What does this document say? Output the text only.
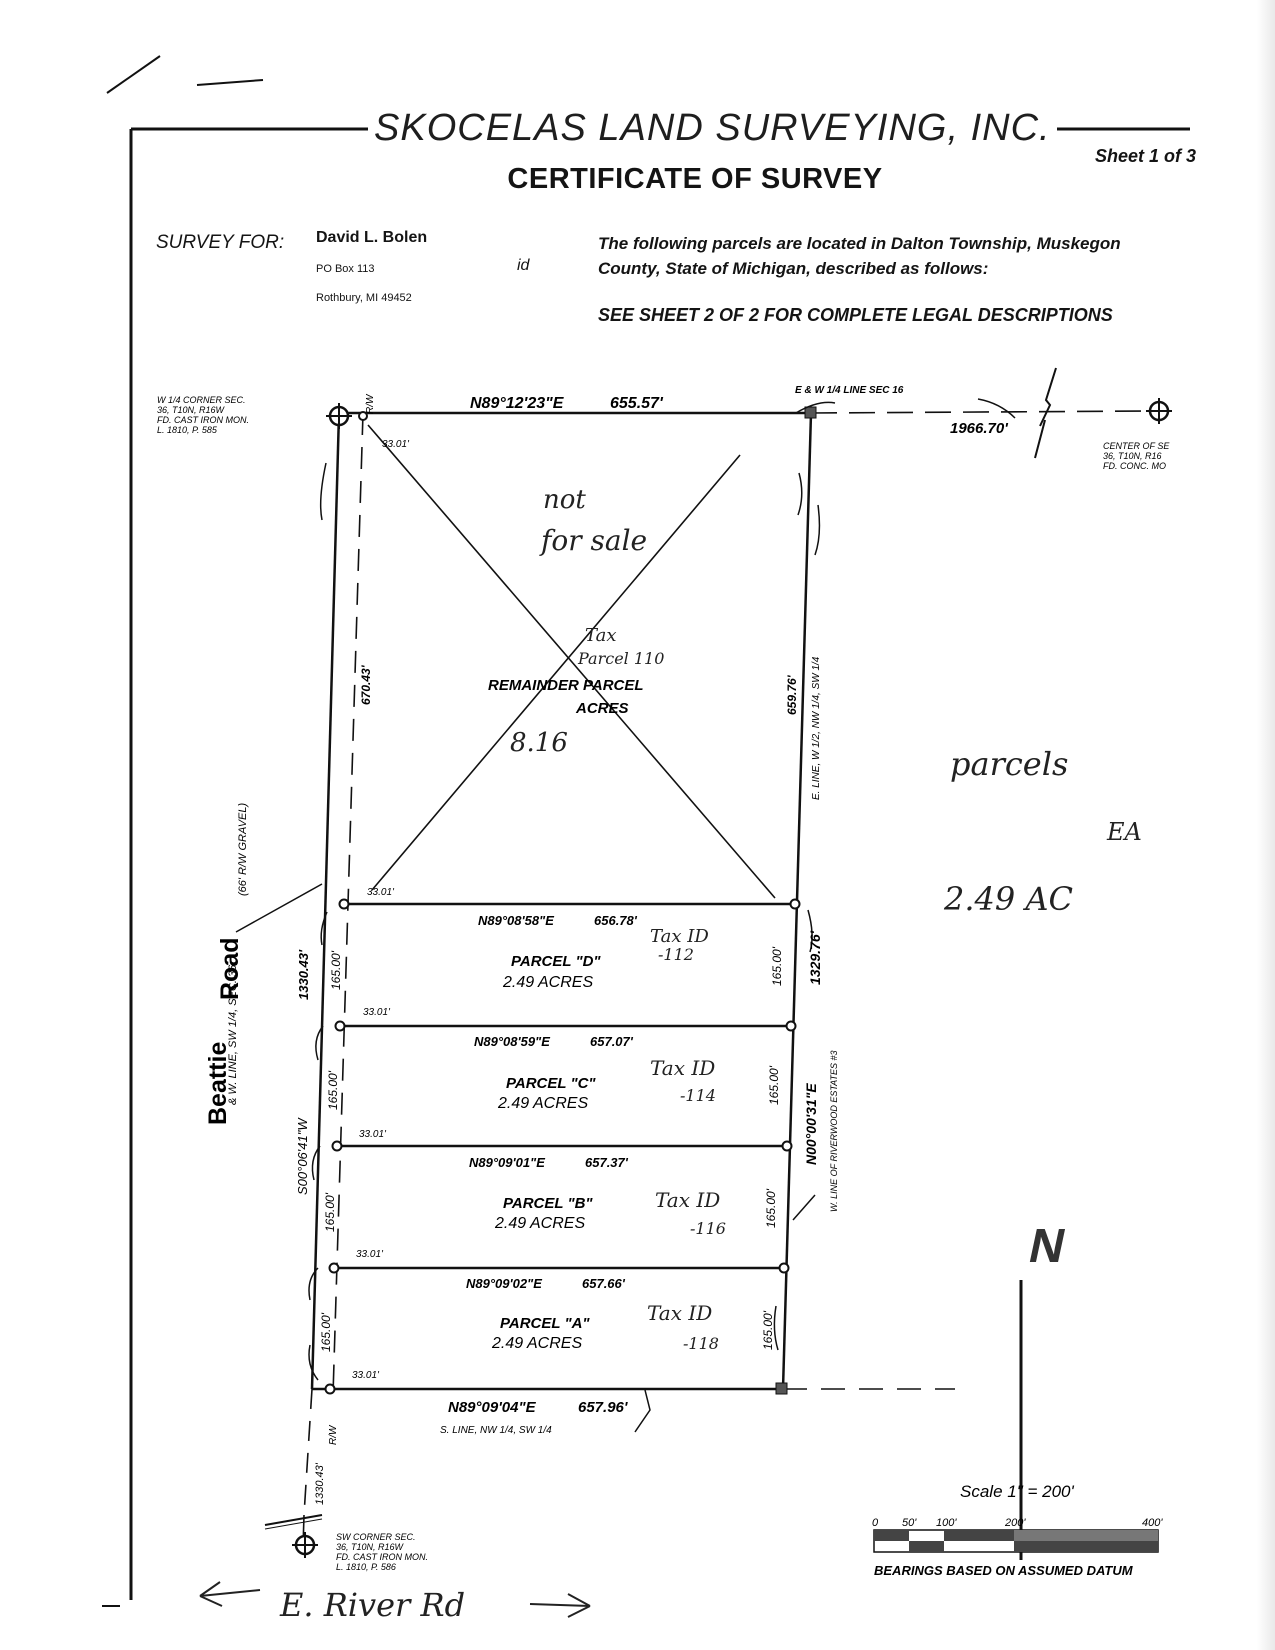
N89°12'23"E	655.57'
E & W 1/4 LINE SEC 16
1966.70'
W 1/4 CORNER SEC.
36, T10N, R16W
FD. CAST IRON MON.
L. 1810, P. 585
CENTER OF SE
36, T10N, R16
FD. CONC. MO
R/W
33.01'
33.01'
33.01'
33.01'
33.01'
33.01'
670.43'	659.76' E. LINE, W 1/2, NW 1/4, SW 1/4
REMAINDER PARCEL
ACRES
(66' R/W GRAVEL)
Beattie
& W. LINE, SW 1/4, SEC. 36
Road	1330.43'
S00°06'41"W
1330.43'
R/W
1329.76'
N00°00'31"E W. LINE OF RIVERWOOD ESTATES #3
165.00'	165.00'
165.00'	165.00'
165.00'	165.00'
165.00'	165.00'
N89°08'58"E	656.78'
N89°08'59"E	657.07'
N89°09'01"E	657.37'
N89°09'02"E	657.66'
PARCEL "D"
2.49 ACRES
PARCEL "C"
2.49 ACRES
PARCEL "B"
2.49 ACRES
PARCEL "A"
2.49 ACRES
N89°09'04"E	657.96'
S. LINE, NW 1/4, SW 1/4
SW CORNER SEC.
36, T10N, R16W
FD. CAST IRON MON.
L. 1810, P. 586
N
Scale 1" = 200'
0 50' 100'	200'	400'
BEARINGS BASED ON ASSUMED DATUM
not
for sale
Tax
Parcel 110
8.16
Tax ID
-112
Tax ID
-114
Tax ID
-116
Tax ID
-118
parcels
EA
2.49 AC
E. River Rd
SKOCELAS LAND SURVEYING, INC.
Sheet 1 of 3
CERTIFICATE OF SURVEY
SURVEY FOR: David L. Bolen
PO Box 113
Rothbury, MI 49452
id
The following parcels are located in Dalton Township, Muskegon
County, State of Michigan, described as follows:
SEE SHEET 2 OF 2 FOR COMPLETE LEGAL DESCRIPTIONS
